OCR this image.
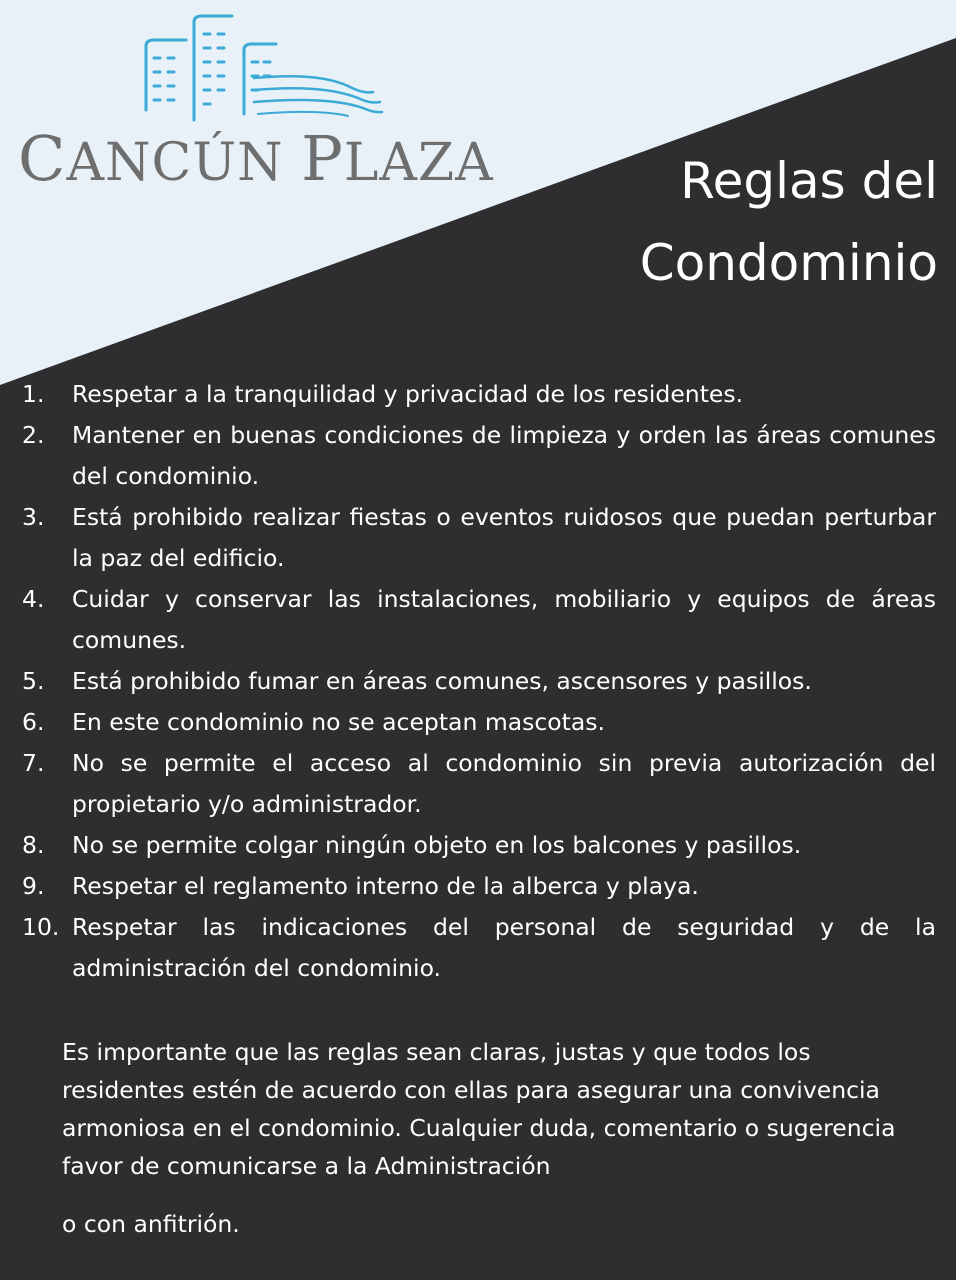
CANCÚN PLAZA	Reglas del
Condominio
1.	Respetar a la tranquilidad y privacidad de los residentes.
2.	Mantener en buenas condiciones de limpieza y orden las áreas comunes del condominio.
3.	Está prohibido realizar fiestas o eventos ruidosos que puedan perturbar la paz del edificio.
4.	Cuidar y conservar las instalaciones, mobiliario y equipos de áreas comunes.
5.	Está prohibido fumar en áreas comunes, ascensores y pasillos.
6.	En este condominio no se aceptan mascotas.
7.	No se permite el acceso al condominio sin previa autorización del propietario y/o administrador.
8.	No se permite colgar ningún objeto en los balcones y pasillos.
9.	Respetar el reglamento interno de la alberca y playa.
10. Respetar las indicaciones del personal de seguridad y de la administración del condominio.
Es importante que las reglas sean claras, justas y que todos los residentes estén de acuerdo con ellas para asegurar una convivencia armoniosa en el condominio. Cualquier duda, comentario o sugerencia favor de comunicarse a la Administración
o con anfitrión.
